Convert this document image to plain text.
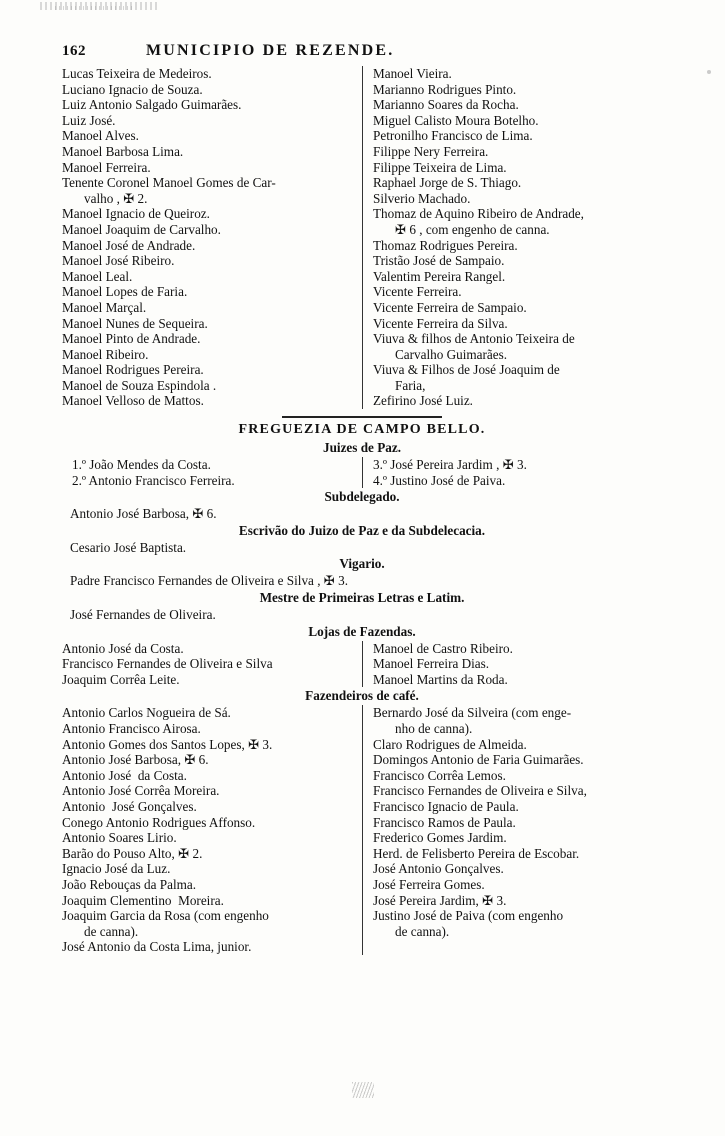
162	MUNICIPIO DE REZENDE.
Lucas Teixeira de Medeiros.
Luciano Ignacio de Souza.
Luiz Antonio Salgado Guimarães.
Luiz José.
Manoel Alves.
Manoel Barbosa Lima.
Manoel Ferreira.
Tenente Coronel Manoel Gomes de Car-
valho , ✠ 2.
Manoel Ignacio de Queiroz.
Manoel Joaquim de Carvalho.
Manoel José de Andrade.
Manoel José Ribeiro.
Manoel Leal.
Manoel Lopes de Faria.
Manoel Marçal.
Manoel Nunes de Sequeira.
Manoel Pinto de Andrade.
Manoel Ribeiro.
Manoel Rodrigues Pereira.
Manoel de Souza Espindola .
Manoel Velloso de Mattos.
Manoel Vieira.
Marianno Rodrigues Pinto.
Marianno Soares da Rocha.
Miguel Calisto Moura Botelho.
Petronilho Francisco de Lima.
Filippe Nery Ferreira.
Filippe Teixeira de Lima.
Raphael Jorge de S. Thiago.
Silverio Machado.
Thomaz de Aquino Ribeiro de Andrade,
✠ 6 , com engenho de canna.
Thomaz Rodrigues Pereira.
Tristão José de Sampaio.
Valentim Pereira Rangel.
Vicente Ferreira.
Vicente Ferreira de Sampaio.
Vicente Ferreira da Silva.
Viuva & filhos de Antonio Teixeira de
Carvalho Guimarães.
Viuva & Filhos de José Joaquim de
Faria,
Zefirino José Luiz.
FREGUEZIA DE CAMPO BELLO.
Juizes de Paz.
1.º João Mendes da Costa.
2.º Antonio Francisco Ferreira.
3.º José Pereira Jardim , ✠ 3.
4.º Justino José de Paiva.
Subdelegado.
Antonio José Barbosa, ✠ 6.
Escrivão do Juizo de Paz e da Subdelecacia.
Cesario José Baptista.
Vigario.
Padre Francisco Fernandes de Oliveira e Silva , ✠ 3.
Mestre de Primeiras Letras e Latim.
José Fernandes de Oliveira.
Lojas de Fazendas.
Antonio José da Costa.
Francisco Fernandes de Oliveira e Silva
Joaquim Corrêa Leite.
Manoel de Castro Ribeiro.
Manoel Ferreira Dias.
Manoel Martins da Roda.
Fazendeiros de café.
Antonio Carlos Nogueira de Sá.
Antonio Francisco Airosa.
Antonio Gomes dos Santos Lopes, ✠ 3.
Antonio José Barbosa, ✠ 6.
Antonio José  da Costa.
Antonio José Corrêa Moreira.
Antonio  José Gonçalves.
Conego Antonio Rodrigues Affonso.
Antonio Soares Lirio.
Barão do Pouso Alto, ✠ 2.
Ignacio José da Luz.
João Rebouças da Palma.
Joaquim Clementino  Moreira.
Joaquim Garcia da Rosa (com engenho
de canna).
José Antonio da Costa Lima, junior.
Bernardo José da Silveira (com enge-
nho de canna).
Claro Rodrigues de Almeida.
Domingos Antonio de Faria Guimarães.
Francisco Corrêa Lemos.
Francisco Fernandes de Oliveira e Silva,
Francisco Ignacio de Paula.
Francisco Ramos de Paula.
Frederico Gomes Jardim.
Herd. de Felisberto Pereira de Escobar.
José Antonio Gonçalves.
José Ferreira Gomes.
José Pereira Jardim, ✠ 3.
Justino José de Paiva (com engenho
de canna).
